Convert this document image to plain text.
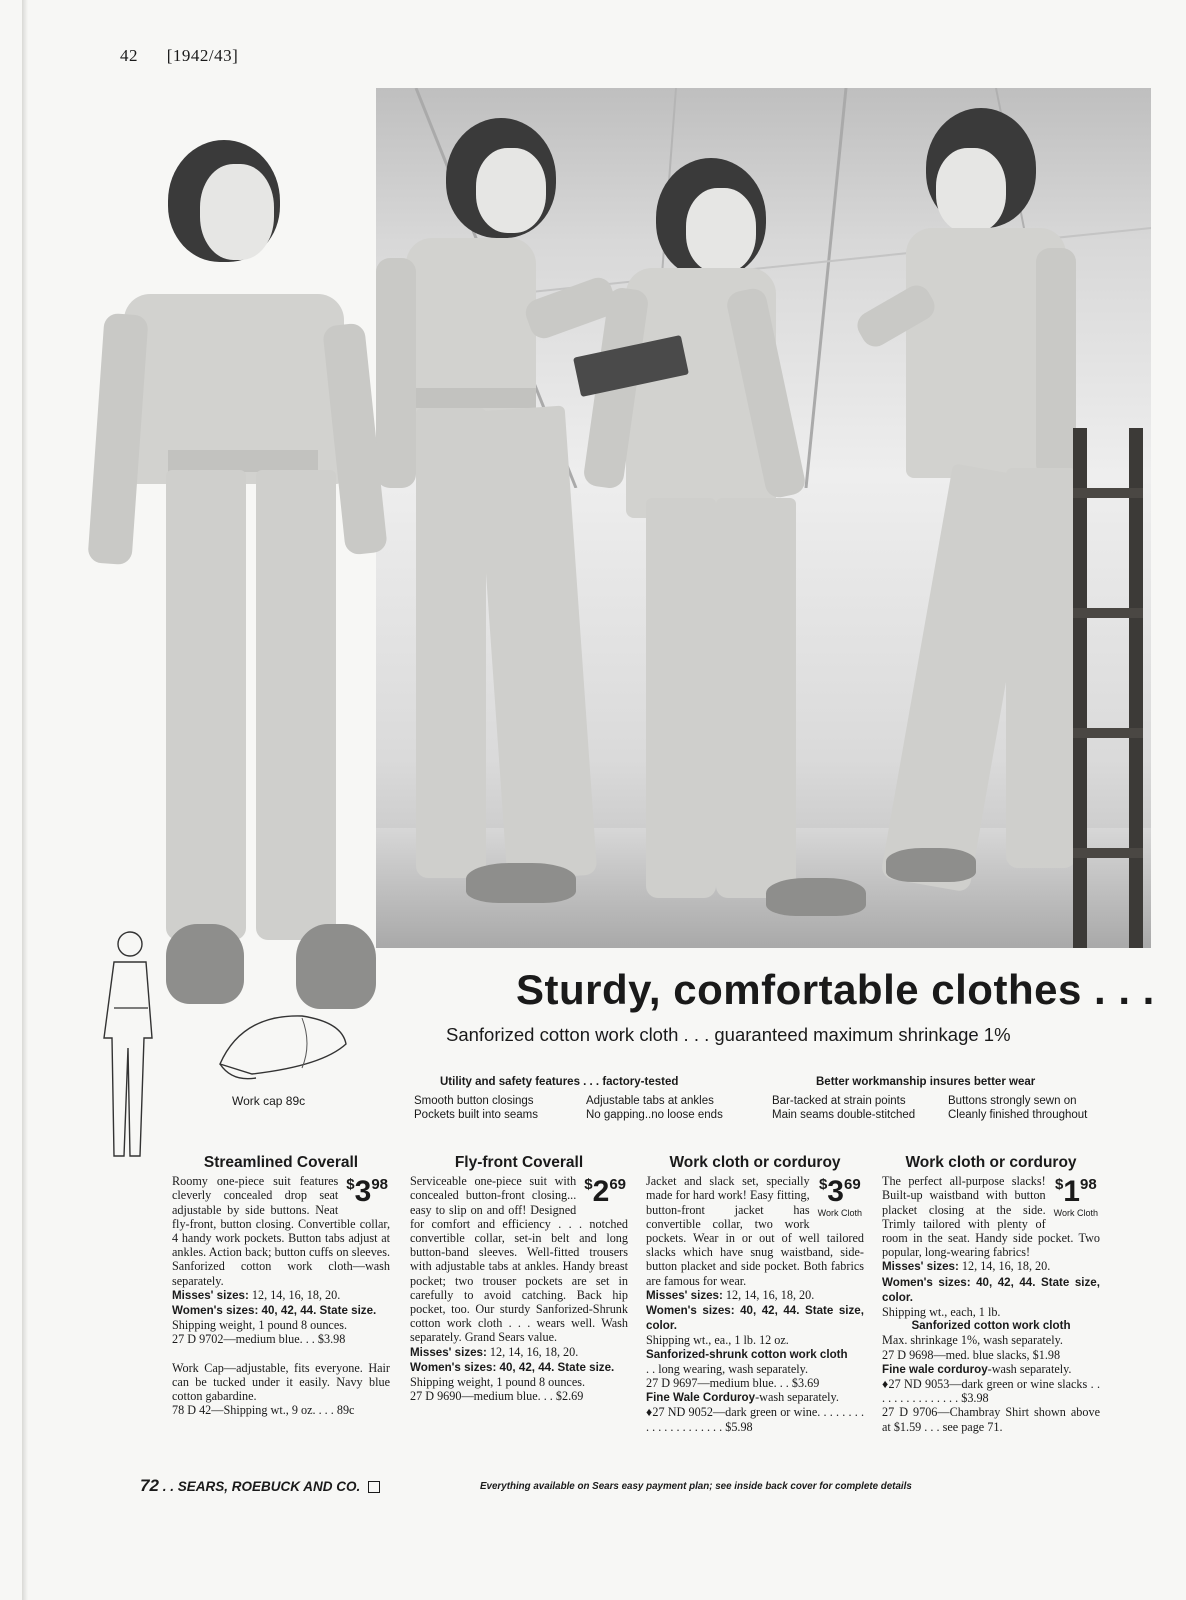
42 [1942/43]
Work cap 89c
Sturdy, comfortable clothes . . .
Sanforized cotton work cloth . . . guaranteed maximum shrinkage 1%
Utility and safety features . . . factory-tested
Smooth button closings	Adjustable tabs at ankles
Pockets built into seams	No gapping..no loose ends
Better workmanship insures better wear
Bar-tacked at strain points	Buttons strongly sewn on
Main seams double-stitched	Cleanly finished throughout
Streamlined Coverall
$^{\$}3^{98}$

Roomy one-piece suit features cleverly concealed drop seat adjustable by side buttons. Neat fly-front, button closing. Convertible collar, 4 handy work pockets. Button tabs adjust at ankles. Action back; button cuffs on sleeves. Sanforized cotton work cloth—wash separately.

Misses' sizes: 12, 14, 16, 18, 20.

Women's sizes: 40, 42, 44. State size.

Shipping weight, 1 pound 8 ounces.

27 D 9702—medium blue. . . $3.98

Work Cap—adjustable, fits everyone. Hair can be tucked under it easily. Navy blue cotton gabardine.

78 D 42—Shipping wt., 9 oz. . . . 89c

Fly-front Coverall
$^{\$}2^{69}$

Serviceable one-piece suit with concealed button-front closing... easy to slip on and off! Designed for comfort and efficiency . . . notched convertible collar, set-in belt and long button-band sleeves. Well-fitted trousers with adjustable tabs at ankles. Handy breast pocket; two trouser pockets are set in carefully to avoid catching. Back hip pocket, too. Our sturdy Sanforized-Shrunk cotton work cloth . . . wears well. Wash separately. Grand Sears value.

Misses' sizes: 12, 14, 16, 18, 20.

Women's sizes: 40, 42, 44. State size.

Shipping weight, 1 pound 8 ounces.

27 D 9690—medium blue. . . $2.69

Work cloth or corduroy
$^{\$}3^{69}$
Work Cloth

Jacket and slack set, specially made for hard work! Easy fitting, button-front jacket has convertible collar, two work pockets. Wear in or out of well tailored slacks which have snug waistband, side-button placket and side pocket. Both fabrics are famous for wear.

Misses' sizes: 12, 14, 16, 18, 20.

Women's sizes: 40, 42, 44. State size, color.

Shipping wt., ea., 1 lb. 12 oz.

Sanforized-shrunk cotton work cloth

. . long wearing, wash separately.

27 D 9697—medium blue. . . $3.69

Fine Wale Corduroy-wash separately.

♦27 ND 9052—dark green or wine. . . . . . . . . . . . . . . . . . . . . $5.98

Work cloth or corduroy
$^{\$}1^{98}$
Work Cloth

The perfect all-purpose slacks! Built-up waistband with button placket closing at the side. Trimly tailored with plenty of room in the seat. Handy side pocket. Two popular, long-wearing fabrics!

Misses' sizes: 12, 14, 16, 18, 20.

Women's sizes: 40, 42, 44. State size, color.

Shipping wt., each, 1 lb.

Sanforized cotton work cloth

Max. shrinkage 1%, wash separately.

27 D 9698—med. blue slacks, $1.98

Fine wale corduroy-wash separately.

♦27 ND 9053—dark green or wine slacks . . . . . . . . . . . . . . . $3.98

27 D 9706—Chambray Shirt shown above at $1.59 . . . see page 71.

72 . . SEARS, ROEBUCK AND CO.	Everything available on Sears easy payment plan; see inside back cover for complete details
